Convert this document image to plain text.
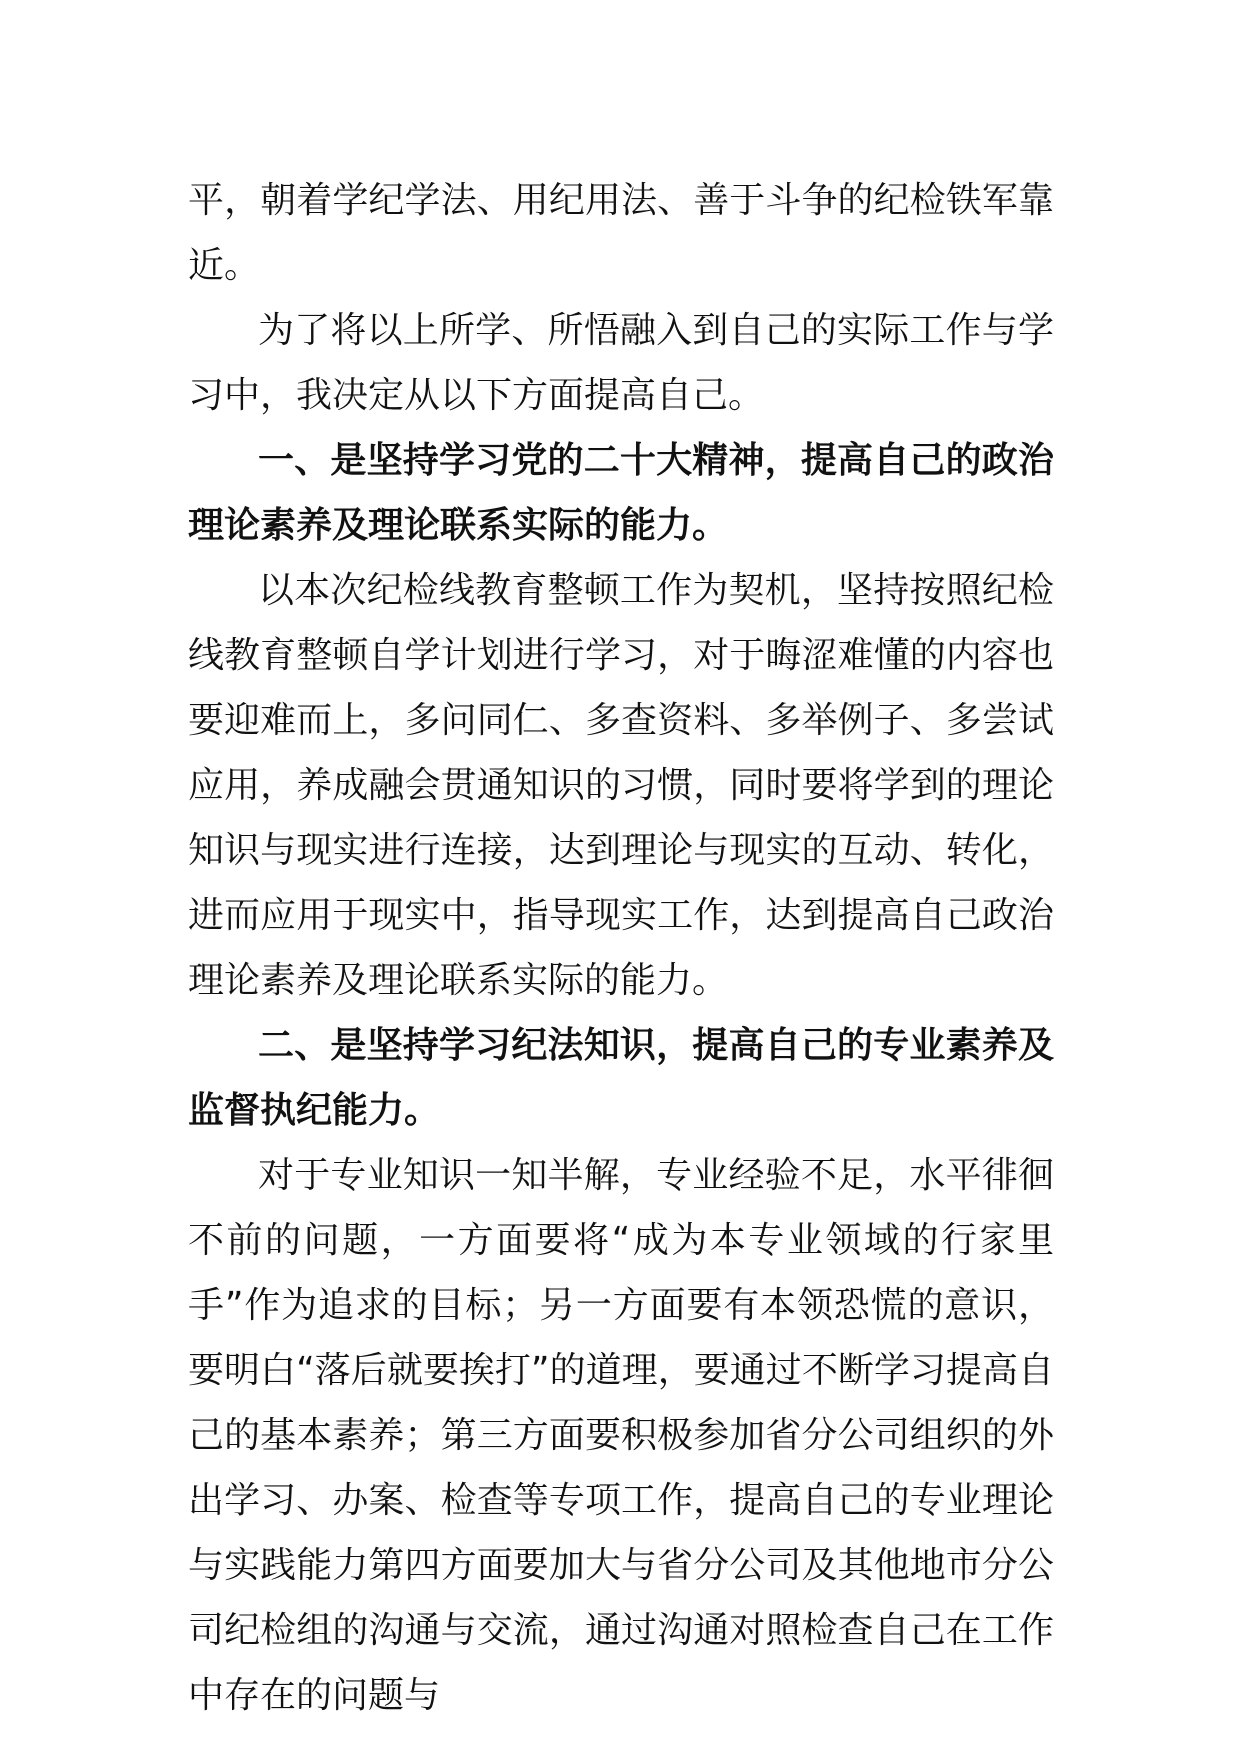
平，朝着学纪学法、用纪用法、善于斗争的纪检铁军靠近。

为了将以上所学、所悟融入到自己的实际工作与学习中，我决定从以下方面提高自己。

一、是坚持学习党的二十大精神，提高自己的政治理论素养及理论联系实际的能力。

以本次纪检线教育整顿工作为契机，坚持按照纪检线教育整顿自学计划进行学习，对于晦涩难懂的内容也要迎难而上，多问同仁、多查资料、多举例子、多尝试应用，养成融会贯通知识的习惯，同时要将学到的理论知识与现实进行连接，达到理论与现实的互动、转化，进而应用于现实中，指导现实工作，达到提高自己政治理论素养及理论联系实际的能力。

二、是坚持学习纪法知识，提高自己的专业素养及监督执纪能力。

对于专业知识一知半解，专业经验不足，水平徘徊不前的问题，一方面要将“成为本专业领域的行家里手”作为追求的目标；另一方面要有本领恐慌的意识，要明白“落后就要挨打”的道理，要通过不断学习提高自己的基本素养；第三方面要积极参加省分公司组织的外出学习、办案、检查等专项工作，提高自己的专业理论与实践能力第四方面要加大与省分公司及其他地市分公司纪检组的沟通与交流，通过沟通对照检查自己在工作中存在的问题与
